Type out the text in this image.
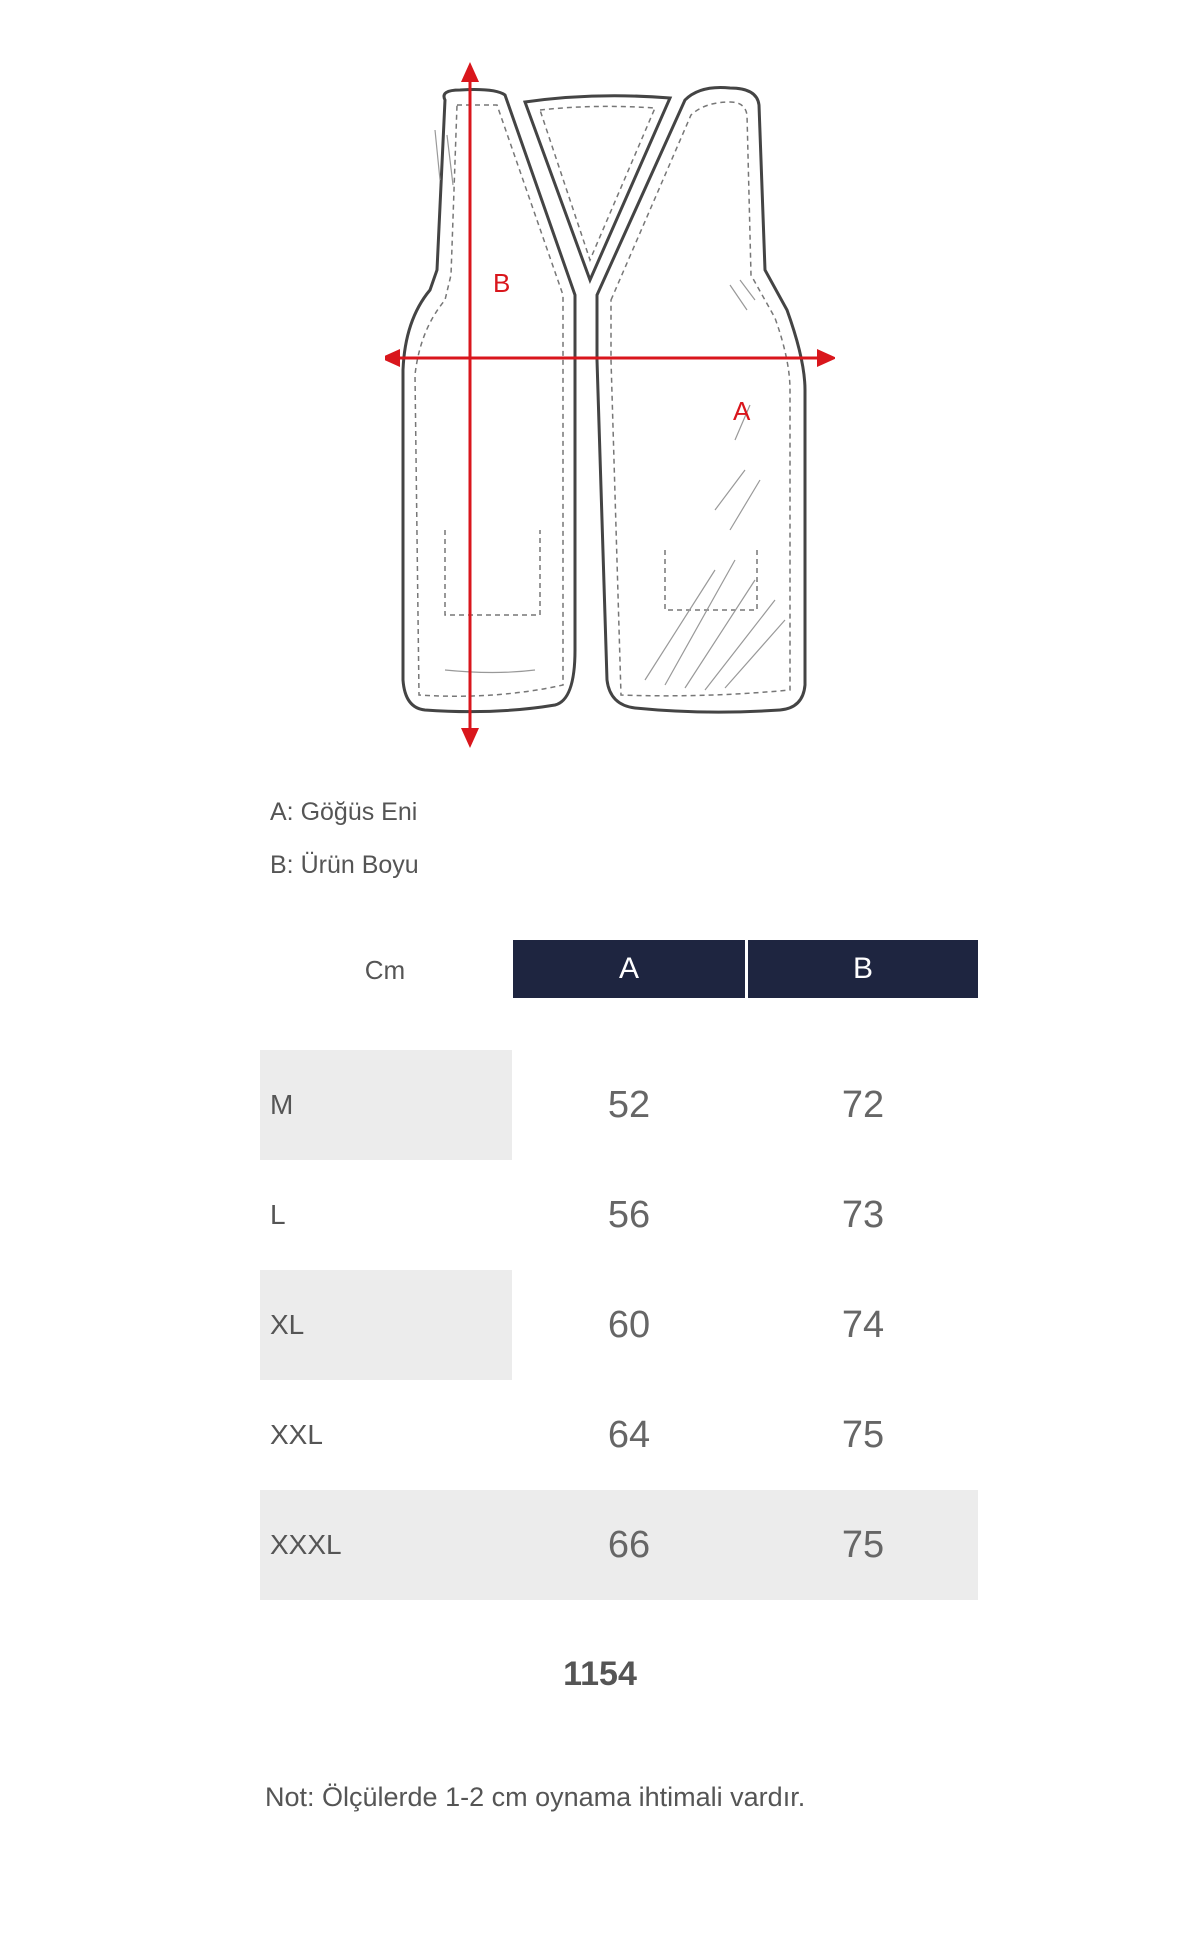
B
A
A: Göğüs Eni
B: Ürün Boyu
Cm	A	B
M	52	72
L	56	73
XL	60	74
XXL	64	75
XXXL	66	75
1154
Not: Ölçülerde 1-2 cm oynama ihtimali vardır.
